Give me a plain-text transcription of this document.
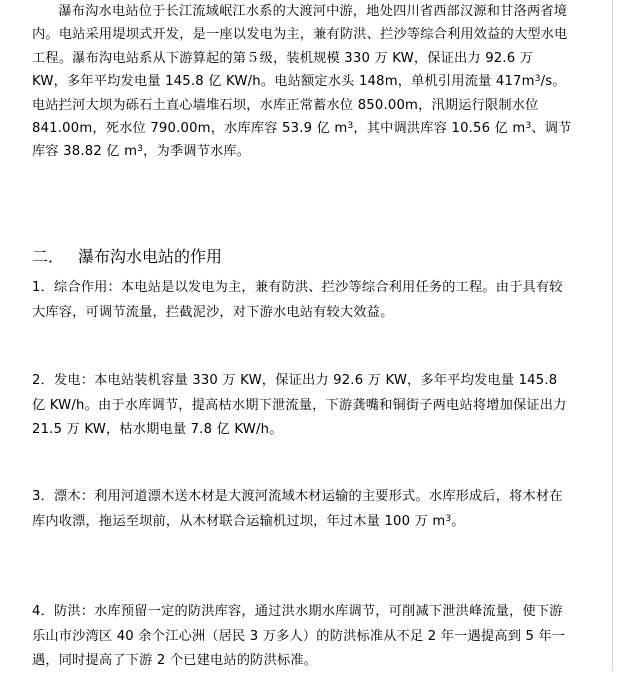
瀑布沟水电站位于长江流域岷江水系的大渡河中游，地处四川省西部汉源和甘洛两省境内。电站采用堤坝式开发，是一座以发电为主，兼有防洪、拦沙等综合利用效益的大型水电工程。瀑布沟电站系从下游算起的第５级，装机规模 330 万 KW，保证出力 92.6 万 KW，多年平均发电量 145.8 亿 KW/h。电站额定水头 148m，单机引用流量 $417m^3/s$。电站拦河大坝为砾石土直心墙堆石坝，水库正常蓄水位 850.00m，汛期运行限制水位 841.00m，死水位 790.00m，水库库容 53.9 亿 $m^3$，其中调洪库容 10.56 亿 $m^3$、调节库容 38.82 亿 $m^3$，为季调节水库。

二． 瀑布沟水电站的作用

1．综合作用：本电站是以发电为主，兼有防洪、拦沙等综合利用任务的工程。由于具有较大库容，可调节流量，拦截泥沙，对下游水电站有较大效益。

2．发电：本电站装机容量 330 万 KW，保证出力 92.6 万 KW，多年平均发电量 145.8 亿 KW/h。由于水库调节，提高枯水期下泄流量，下游龚嘴和铜街子两电站将增加保证出力 21.5 万 KW，枯水期电量 7.8 亿 KW/h。

3．漂木：利用河道漂木送木材是大渡河流域木材运输的主要形式。水库形成后，将木材在库内收漂，拖运至坝前，从木材联合运输机过坝，年过木量 100 万 $m^3$。

4．防洪：水库预留一定的防洪库容，通过洪水期水库调节，可削减下泄洪峰流量，使下游乐山市沙湾区 40 余个江心洲（居民 3 万多人）的防洪标准从不足 2 年一遇提高到 5 年一遇，同时提高了下游 2 个已建电站的防洪标准。
